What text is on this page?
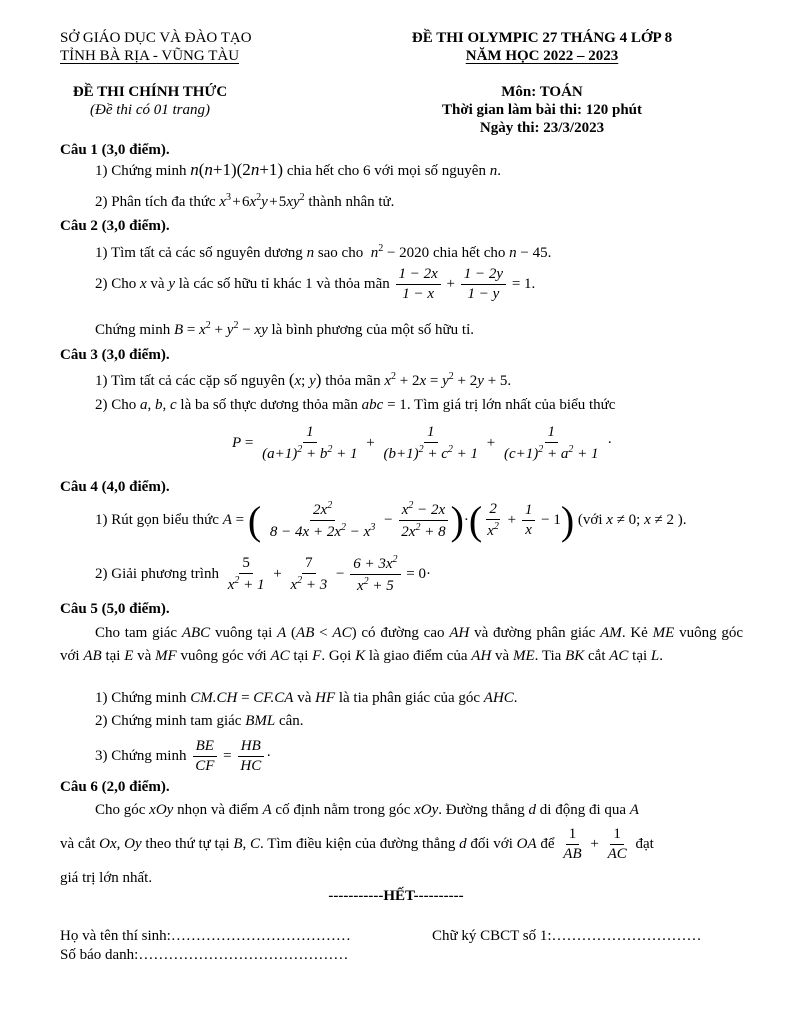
SỞ GIÁO DỤC VÀ ĐÀO TẠO
TỈNH BÀ RỊA - VŨNG TÀU
ĐỀ THI OLYMPIC 27 THÁNG 4 LỚP 8
NĂM HỌC 2022 – 2023
ĐỀ THI CHÍNH THỨC
(Đề thi có 01 trang)
Môn: TOÁN
Thời gian làm bài thi: 120 phút
Ngày thi: 23/3/2023
Câu 1 (3,0 điểm).
1) Chứng minh n(n+1)(2n+1) chia hết cho 6 với mọi số nguyên n.
2) Phân tích đa thức $x^3$ + $6x^2y$ + $5xy^2$ thành nhân tử.
Câu 2 (3,0 điểm).
1) Tìm tất cả các số nguyên dương n sao cho $n^2 - 2020$ chia hết cho n − 45.
2) Cho x và y là các số hữu tỉ khác 1 và thỏa mãn $\frac{1 - 2x}{1 - x} + \frac{1 - 2y}{1 - y} = 1$.
Chứng minh $B = x^2 + y^2$ − xy là bình phương của một số hữu tỉ.
Câu 3 (3,0 điểm).
1) Tìm tất cả các cặp số nguyên (x; y) thỏa mãn $x^2 + 2x = y^2 + 2y + 5$.
2) Cho a, b, c là ba số thực dương thỏa mãn abc = 1. Tìm giá trị lớn nhất của biểu thức
$P = \frac{1}{(a+1)^2 + b^2 + 1} + \frac{1}{(b+1)^2 + c^2 + 1} + \frac{1}{(c+1)^2 + a^2 + 1}$ ·
Câu 4 (4,0 điểm).
1) Rút gọn biểu thức A = ( $\frac{2x^2}{8 - 4x + 2x^2 - x^3} - \frac{x^2 - 2x}{2x^2 + 8}$ )·( $\frac{2}{x^2} + \frac{1}{x} - 1$) (với x ≠ 0; x ≠ 2 ).
2) Giải phương trình $\frac{5}{x^2 + 1} + \frac{7}{x^2 + 3} - \frac{6 + 3x^2}{x^2 + 5} = 0\cdot$
Câu 5 (5,0 điểm).
Cho tam giác ABC vuông tại A (AB < AC) có đường cao AH và đường phân giác AM. Kẻ ME vuông góc với AB tại E và MF vuông góc với AC tại F. Gọi K là giao điểm của AH và ME. Tia BK cắt AC tại L.
1) Chứng minh CM.CH = CF.CA và HF là tia phân giác của góc AHC.
2) Chứng minh tam giác BML cân.
3) Chứng minh $\frac{BE}{CF} = \frac{HB}{HC}$ ·
Câu 6 (2,0 điểm).
Cho góc xOy nhọn và điểm A cố định nằm trong góc xOy. Đường thẳng d di động đi qua A
và cắt Ox, Oy theo thứ tự tại B, C. Tìm điều kiện của đường thẳng d đối với OA để $\frac{1}{AB} + \frac{1}{AC}$ đạt
giá trị lớn nhất.
-----------HẾT----------
Họ và tên thí sinh:………………………………	Chữ ký CBCT số 1:…………………………
Số báo danh:……………………………………
